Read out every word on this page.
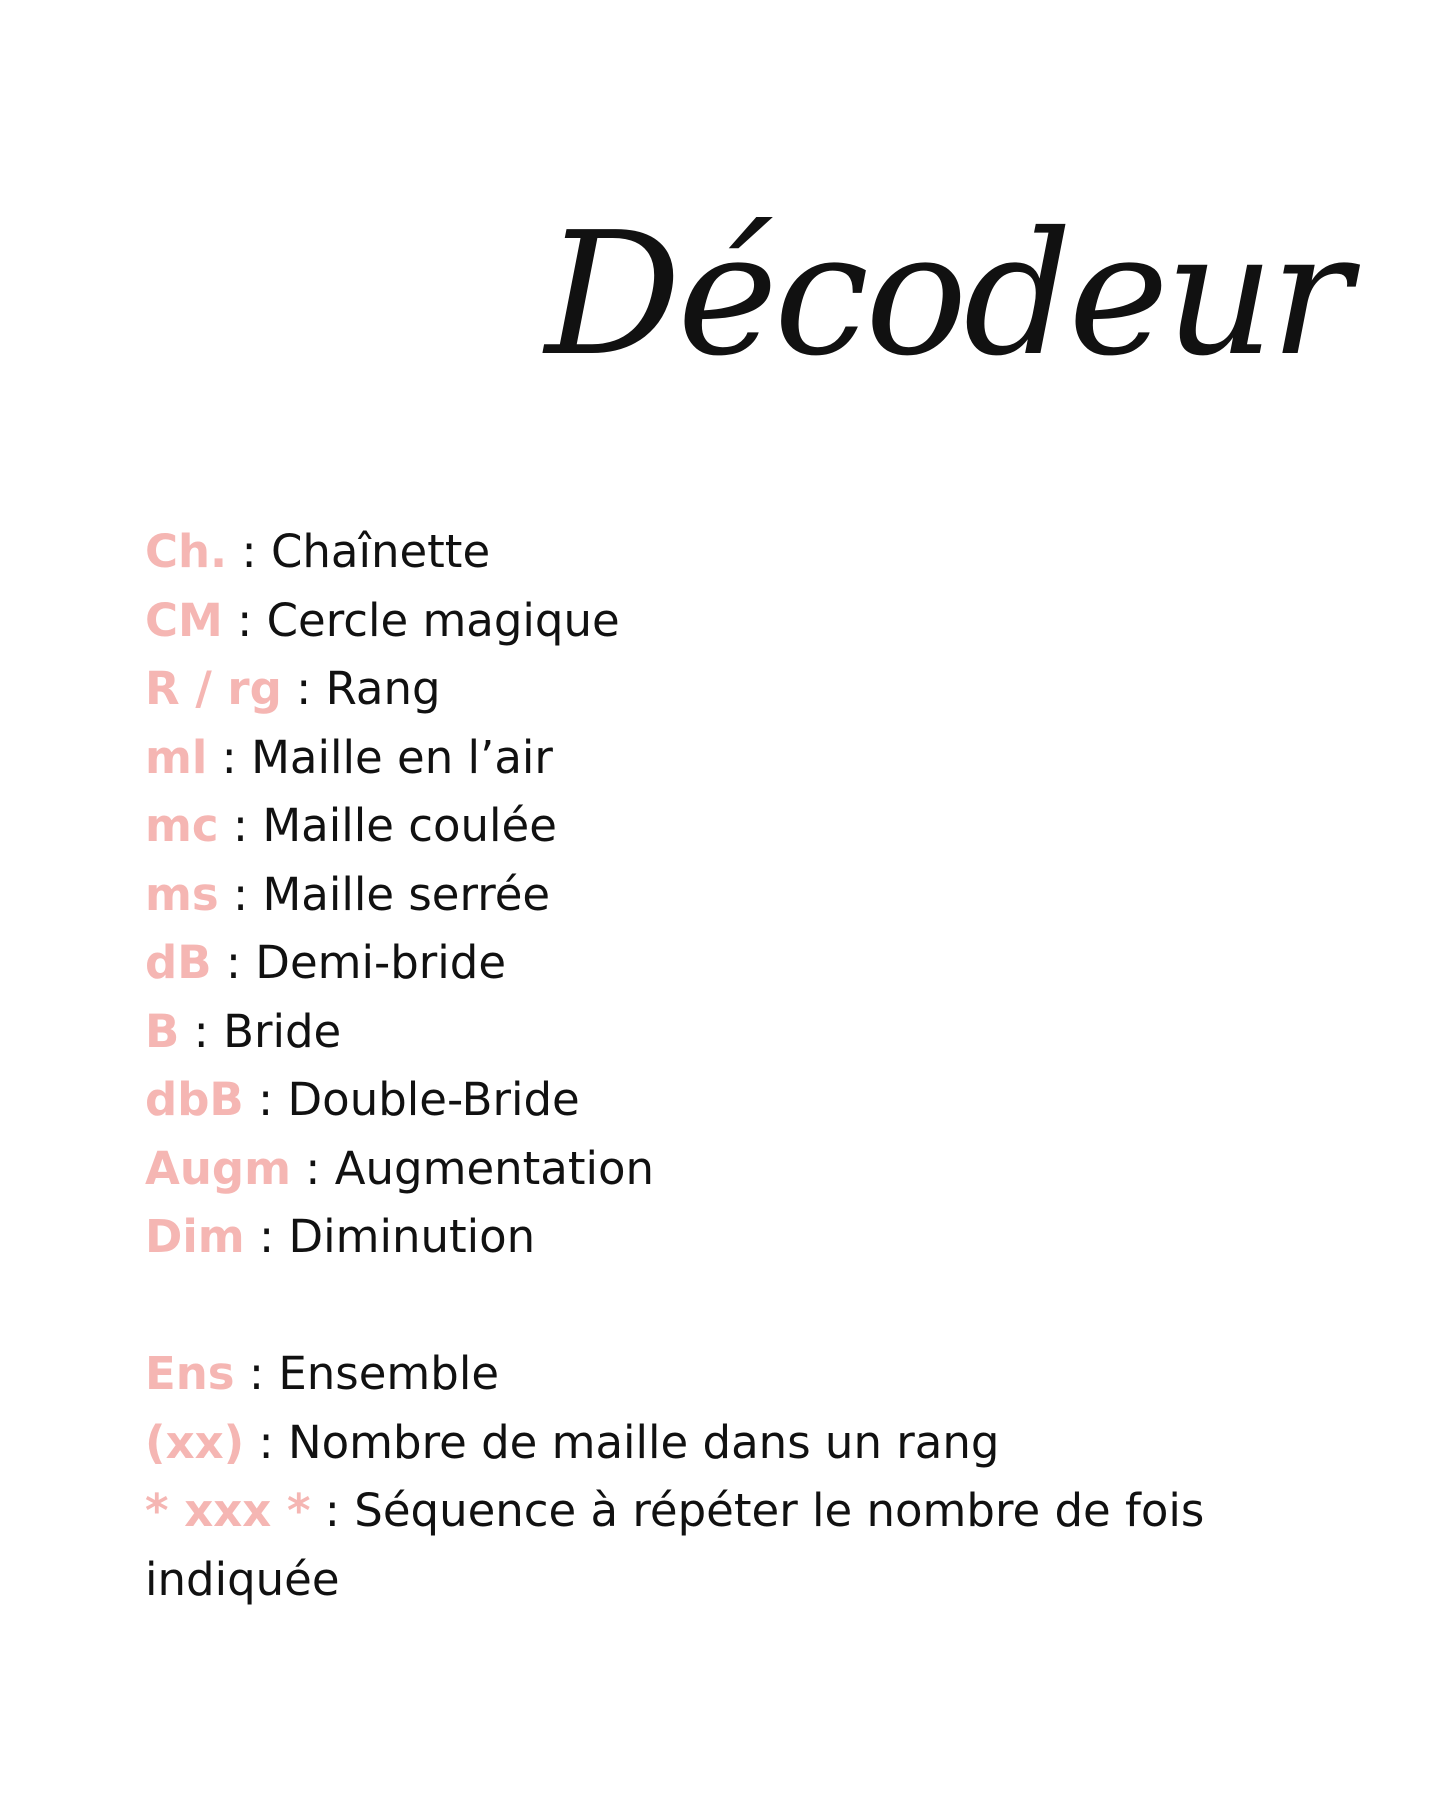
Décodeur
Ch. : Chaînette
CM : Cercle magique
R / rg : Rang
ml : Maille en l’air
mc : Maille coulée
ms : Maille serrée
dB : Demi-bride
B : Bride
dbB : Double-Bride
Augm : Augmentation
Dim : Diminution
Ens : Ensemble
(xx) : Nombre de maille dans un rang
* xxx * : Séquence à répéter le nombre de fois indiquée
